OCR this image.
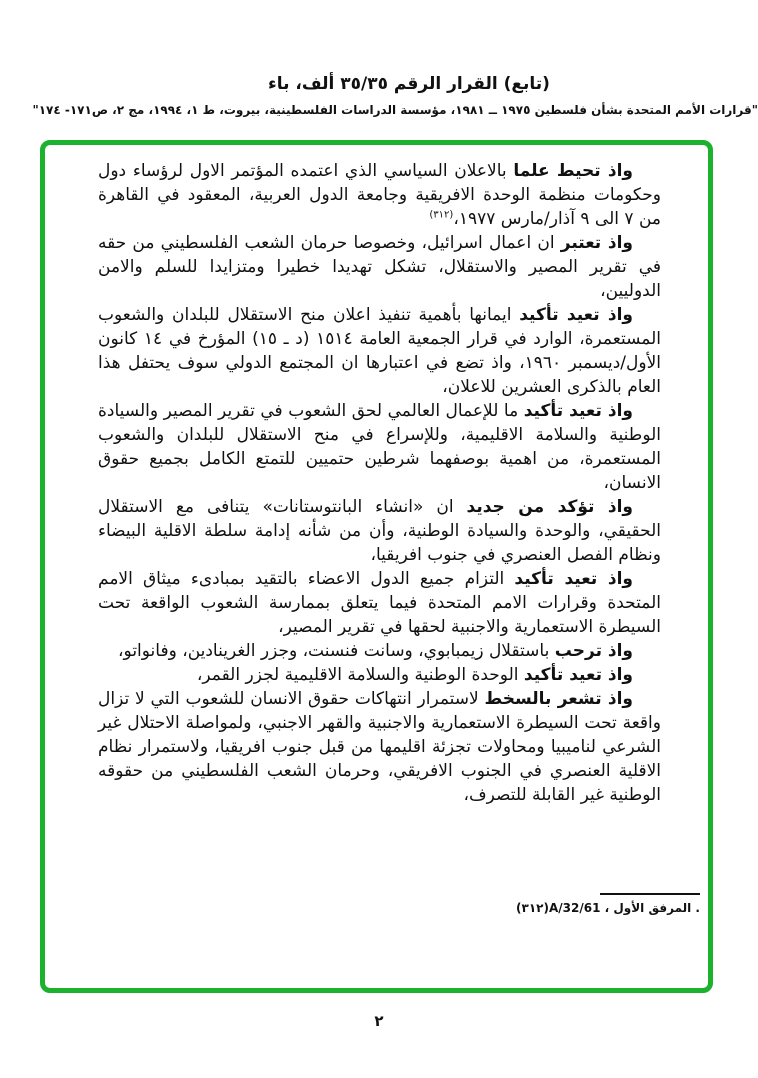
(تابع) القرار الرقم ٣٥/٣٥ ألف، باء
"قرارات الأمم المتحدة بشأن فلسطين ١٩٧٥ ــ ١٩٨١، مؤسسة الدراسات الفلسطينية، بيروت، ط ١، ١٩٩٤، مج ٢، ص١٧١- ١٧٤"

واذ تحيط علما بالاعلان السياسي الذي اعتمده المؤتمر الاول لرؤساء دول وحكومات منظمة الوحدة الافريقية وجامعة الدول العربية، المعقود في القاهرة من ٧ الى ٩ آذار/مارس ١٩٧٧،$^{(٣١٢)}$

واذ تعتبر ان اعمال اسرائيل، وخصوصا حرمان الشعب الفلسطيني من حقه في تقرير المصير والاستقلال، تشكل تهديدا خطيرا ومتزايدا للسلم والامن الدوليين،

واذ تعيد تأكيد ايمانها بأهمية تنفيذ اعلان منح الاستقلال للبلدان والشعوب المستعمرة، الوارد في قرار الجمعية العامة ١٥١٤ (د ـ ١٥) المؤرخ في ١٤ كانون الأول/ديسمبر ١٩٦٠، واذ تضع في اعتبارها ان المجتمع الدولي سوف يحتفل هذا العام بالذكرى العشرين للاعلان،

واذ تعيد تأكيد ما للإعمال العالمي لحق الشعوب في تقرير المصير والسيادة الوطنية والسلامة الاقليمية، وللإسراع في منح الاستقلال للبلدان والشعوب المستعمرة، من اهمية بوصفهما شرطين حتميين للتمتع الكامل بجميع حقوق الانسان،

واذ تؤكد من جديد ان «انشاء البانتوستانات» يتنافى مع الاستقلال الحقيقي، والوحدة والسيادة الوطنية، وأن من شأنه إدامة سلطة الاقلية البيضاء ونظام الفصل العنصري في جنوب افريقيا،

واذ تعيد تأكيد التزام جميع الدول الاعضاء بالتقيد بمبادىء ميثاق الامم المتحدة وقرارات الامم المتحدة فيما يتعلق بممارسة الشعوب الواقعة تحت السيطرة الاستعمارية والاجنبية لحقها في تقرير المصير،

واذ ترحب باستقلال زيمبابوي، وسانت فنسنت، وجزر الغرينادين، وفانواتو،

واذ تعيد تأكيد الوحدة الوطنية والسلامة الاقليمية لجزر القمر،

واذ تشعر بالسخط لاستمرار انتهاكات حقوق الانسان للشعوب التي لا تزال واقعة تحت السيطرة الاستعمارية والاجنبية والقهر الاجنبي، ولمواصلة الاحتلال غير الشرعي لناميبيا ومحاولات تجزئة اقليمها من قبل جنوب افريقيا، ولاستمرار نظام الاقلية العنصري في الجنوب الافريقي، وحرمان الشعب الفلسطيني من حقوقه الوطنية غير القابلة للتصرف،

(٣١٢)A/32/61 ، المرفق الأول .
٢
